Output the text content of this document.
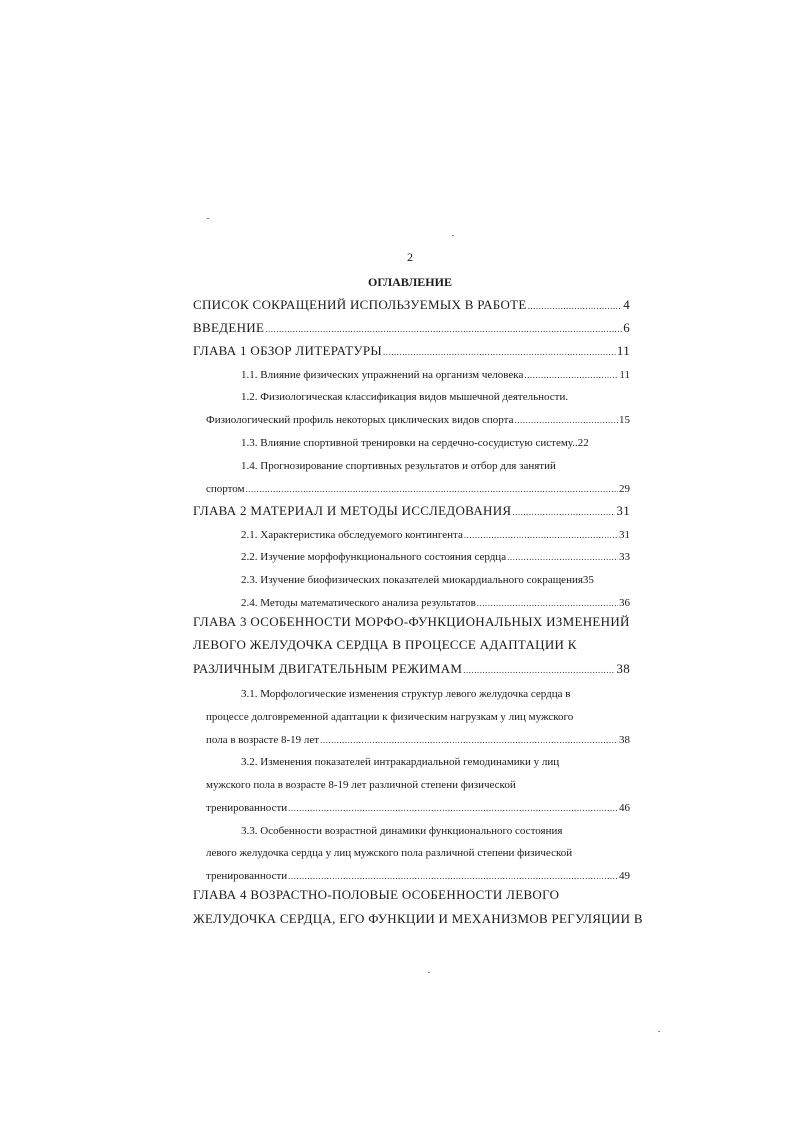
2
ОГЛАВЛЕНИЕ
СПИСОК СОКРАЩЕНИЙ ИСПОЛЬЗУЕМЫХ В РАБОТЕ .....	4
ВВЕДЕНИЕ .....	6
ГЛАВА 1 ОБЗОР ЛИТЕРАТУРЫ .....	11
1.1. Влияние физических упражнений на организм человека .....	11
1.2. Физиологическая классификация видов мышечной деятельности.
Физиологический профиль некоторых циклических видов спорта .....	15
1.3. Влияние спортивной тренировки на сердечно-сосудистую систему.. 22
1.4. Прогнозирование спортивных результатов и отбор для занятий
спортом .....	29
ГЛАВА 2 МАТЕРИАЛ И МЕТОДЫ ИССЛЕДОВАНИЯ .....	31
2.1. Характеристика обследуемого контингента .....	31
2.2. Изучение морфофункционального состояния сердца .....	33
2.3. Изучение биофизических показателей миокардиального сокращения 35
2.4. Методы математического анализа результатов .....	36
ГЛАВА 3 ОСОБЕННОСТИ МОРФО-ФУНКЦИОНАЛЬНЫХ ИЗМЕНЕНИЙ
ЛЕВОГО ЖЕЛУДОЧКА СЕРДЦА В ПРОЦЕССЕ АДАПТАЦИИ К
РАЗЛИЧНЫМ ДВИГАТЕЛЬНЫМ РЕЖИМАМ .....	38
3.1. Морфологические изменения структур левого желудочка сердца в
процессе долговременной адаптации к физическим нагрузкам у лиц мужского
пола в возрасте 8-19 лет .....	38
3.2. Изменения показателей интракардиальной гемодинамики у лиц
мужского пола в возрасте 8-19 лет различной степени физической
тренированности .....	46
3.3. Особенности возрастной динамики функционального состояния
левого желудочка сердца у лиц мужского пола различной степени физической
тренированности .....	49
ГЛАВА 4 ВОЗРАСТНО-ПОЛОВЫЕ ОСОБЕННОСТИ ЛЕВОГО
ЖЕЛУДОЧКА СЕРДЦА, ЕГО ФУНКЦИИ И МЕХАНИЗМОВ РЕГУЛЯЦИИ В
